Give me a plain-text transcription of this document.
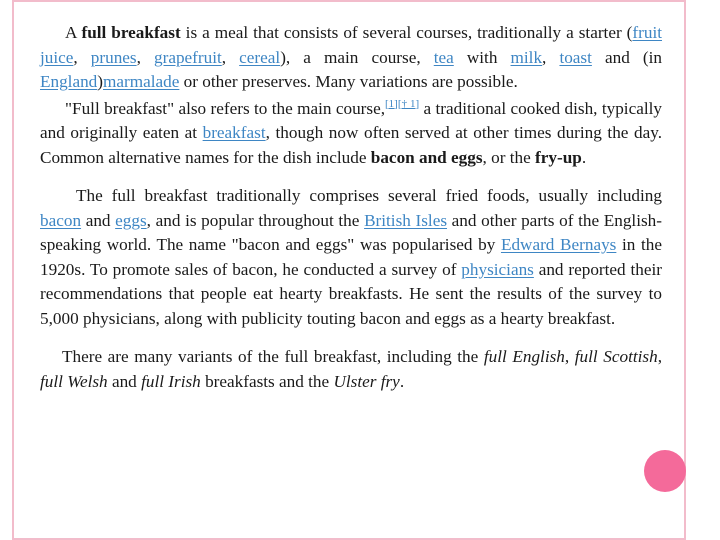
A full breakfast is a meal that consists of several courses, traditionally a starter (fruit juice, prunes, grapefruit, cereal), a main course, tea with milk, toast and (in England)marmalade or other preserves. Many variations are possible.

"Full breakfast" also refers to the main course,[1][† 1] a traditional cooked dish, typically and originally eaten at breakfast, though now often served at other times during the day. Common alternative names for the dish include bacon and eggs, or the fry-up.

The full breakfast traditionally comprises several fried foods, usually including bacon and eggs, and is popular throughout the British Isles and other parts of the English-speaking world. The name "bacon and eggs" was popularised by Edward Bernays in the 1920s. To promote sales of bacon, he conducted a survey of physicians and reported their recommendations that people eat hearty breakfasts. He sent the results of the survey to 5,000 physicians, along with publicity touting bacon and eggs as a hearty breakfast.

There are many variants of the full breakfast, including the full English, full Scottish, full Welsh and full Irish breakfasts and the Ulster fry.
